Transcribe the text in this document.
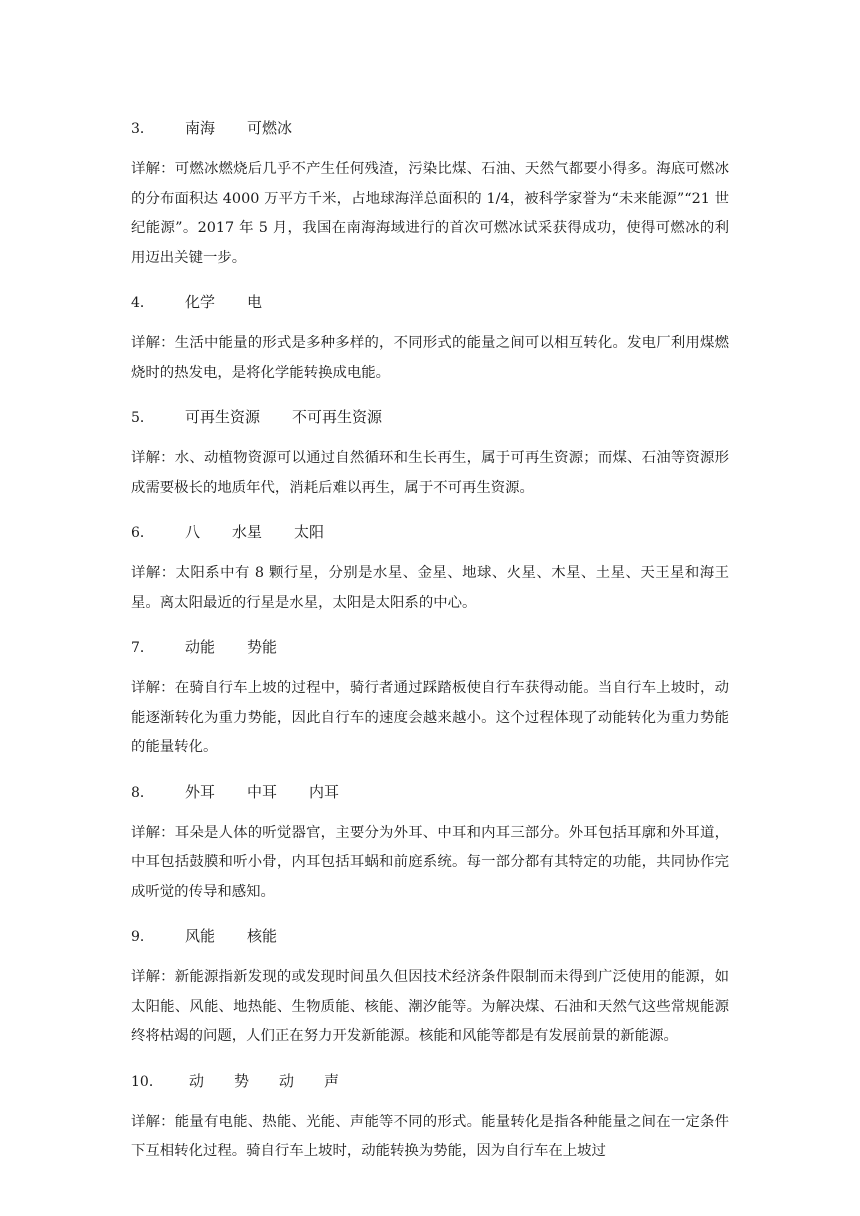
3．	南海 可燃冰

详解：可燃冰燃烧后几乎不产生任何残渣，污染比煤、石油、天然气都要小得多。海底可燃冰的分布面积达 4000 万平方千米，占地球海洋总面积的 1/4，被科学家誉为“未来能源”“21 世纪能源”。2017 年 5 月，我国在南海海域进行的首次可燃冰试采获得成功，使得可燃冰的利用迈出关键一步。

4．	化学 电

详解：生活中能量的形式是多种多样的，不同形式的能量之间可以相互转化。发电厂利用煤燃烧时的热发电，是将化学能转换成电能。

5．	可再生资源 不可再生资源

详解：水、动植物资源可以通过自然循环和生长再生，属于可再生资源；而煤、石油等资源形成需要极长的地质年代，消耗后难以再生，属于不可再生资源。

6．	八 水星 太阳

详解：太阳系中有 8 颗行星，分别是水星、金星、地球、火星、木星、土星、天王星和海王星。离太阳最近的行星是水星，太阳是太阳系的中心。

7．	动能 势能

详解：在骑自行车上坡的过程中，骑行者通过踩踏板使自行车获得动能。当自行车上坡时，动能逐渐转化为重力势能，因此自行车的速度会越来越小。这个过程体现了动能转化为重力势能的能量转化。

8．	外耳 中耳 内耳

详解：耳朵是人体的听觉器官，主要分为外耳、中耳和内耳三部分。外耳包括耳廓和外耳道，中耳包括鼓膜和听小骨，内耳包括耳蜗和前庭系统。每一部分都有其特定的功能，共同协作完成听觉的传导和感知。

9．	风能 核能

详解：新能源指新发现的或发现时间虽久但因技术经济条件限制而未得到广泛使用的能源，如太阳能、风能、地热能、生物质能、核能、潮汐能等。为解决煤、石油和天然气这些常规能源终将枯竭的问题，人们正在努力开发新能源。核能和风能等都是有发展前景的新能源。

10．	动 势 动 声

详解：能量有电能、热能、光能、声能等不同的形式。能量转化是指各种能量之间在一定条件下互相转化过程。骑自行车上坡时，动能转换为势能，因为自行车在上坡过
